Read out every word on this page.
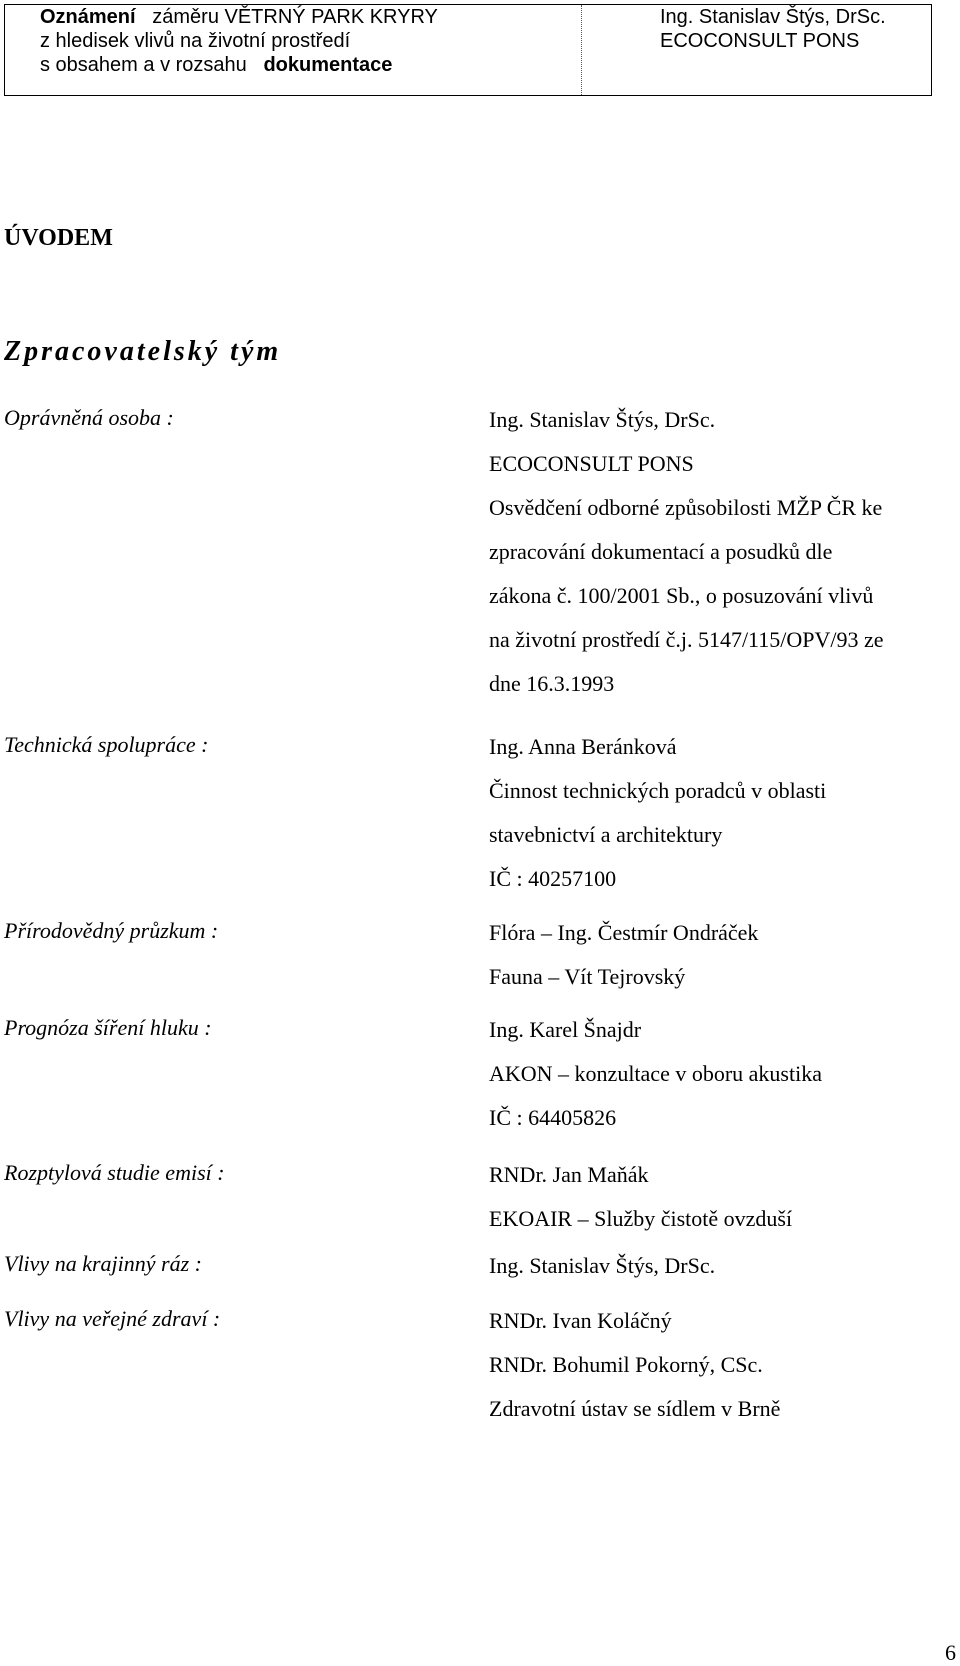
Oznámení záměru VĚTRNÝ PARK KRYRY
z hledisek vlivů na životní prostředí
s obsahem a v rozsahu dokumentace
Ing. Stanislav Štýs, DrSc.
ECOCONSULT PONS
ÚVODEM
Zpracovatelský tým
Oprávněná osoba :	Ing. Stanislav Štýs, DrSc.
ECOCONSULT PONS
Osvědčení odborné způsobilosti MŽP ČR ke
zpracování dokumentací a posudků dle
zákona č. 100/2001 Sb., o posuzování vlivů
na životní prostředí č.j. 5147/115/OPV/93 ze
dne 16.3.1993
Technická spolupráce :	Ing. Anna Beránková
Činnost technických poradců v oblasti
stavebnictví a architektury
IČ : 40257100
Přírodovědný průzkum :	Flóra – Ing. Čestmír Ondráček
Fauna – Vít Tejrovský
Prognóza šíření hluku :	Ing. Karel Šnajdr
AKON – konzultace v oboru akustika
IČ : 64405826
Rozptylová studie emisí :	RNDr. Jan Maňák
EKOAIR – Služby čistotě ovzduší
Vlivy na krajinný ráz :	Ing. Stanislav Štýs, DrSc.
Vlivy na veřejné zdraví :	RNDr. Ivan Koláčný
RNDr. Bohumil Pokorný, CSc.
Zdravotní ústav se sídlem v Brně
6
